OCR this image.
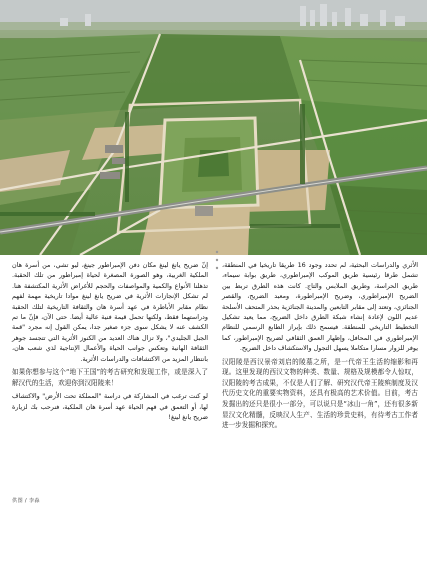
الأثري والدراسات البحثية، لم تحدد وجود 16 طريقا تاريخيا في المنطقة، تشمل طرقا رئيسية طريق الموكب الإمبراطوري، طريق بوابة سيماء، طريق الحراسة، وطريق الملابس والتاج. كانت هذه الطرق تربط بين الضريح الإمبراطوري، وضريح الإمبراطورة، ومعبد الضريح، والقصر الجنائزي، وتعتد إلى مقابر التابعين والمدينة الجنائزية بحذر المتحف الأسلحة عديم اللون لإعادة إنشاء شبكة الطرق داخل الضريح، مما يعيد تشكيل التخطيط التاريخي للمنطقة. فيسمح ذلك بإبراز الطابع الرسمي للنظام الإمبراطوري في المحافل، وإظهار العمق الثقافي لضريح الإمبراطور، كما يوفر للزوار مسارا متكاملا يسهل التجول والاستكشاف داخل الضريح.

汉阳陵是西汉景帝刘启的陵墓之所，是一代帝王生活的缩影和再现。这里发现的西汉文物的种类、数量、规格及规模都令人惊叹，汉阳陵的考古成果，不仅是人们了解、研究汉代帝王陵殡制度及汉代历史文化的重要实物资料，还具有极高的艺术价值。目前，考古发掘出的还只是很小一部分，可以说只是“冰山一角”，还有很多新显汉文化精髓，反映汉人生产、生活的珍贵史料，有待考古工作者进一步发掘和探究。

إنّ ضريح يانغ لينغ مكان دفن الإمبراطور جينغ، ليو تشي، من أسرة هان الملكية الغربية، وهو الصورة المصغرة لحياة إمبراطور من تلك الحقبة. تذهلنا الأنواع والكمية والمواصفات والحجم للأغراض الأثرية المكتشفة هنا. لم تشكل الإنجازات الأثرية في ضريح يانغ لينغ موادا تاريخية مهمة لفهم نظام مقابر الأباطرة في عهد أسرة هان والثقافة التاريخية لتلك الحقبة ودراستهما فقط، ولكنها تحمل قيمة فنية عالية أيضا. حتى الآن، فإنّ ما تم الكشف عنه لا يشكل سوى جزء صغير جدا، يمكن القول إنه مجرد "قمة الجبل الجليدي"، ولا تزال هناك العديد من الكنوز الأثرية التي تتجسد جوهر الثقافة الهانية وتعكس جوانب الحياة والأعمال الإنتاجية لذي شعب هان، بانتظار المزيد من الاكتشافات والدراسات الأثرية.

如果你想参与这个“地下王国”的考古研究和发现工作，或是深入了解汉代的生活，欢迎你到汉阳陵来！

لو كنت ترغب في المشاركة في دراسة "المملكة تحت الأرض" والاكتشاف لها، أو التعمق في فهم الحياة عهد أسرة هان الملكية، فنرحب بك لزيارة ضريح يانغ لينغ!

供图 / 李淼
